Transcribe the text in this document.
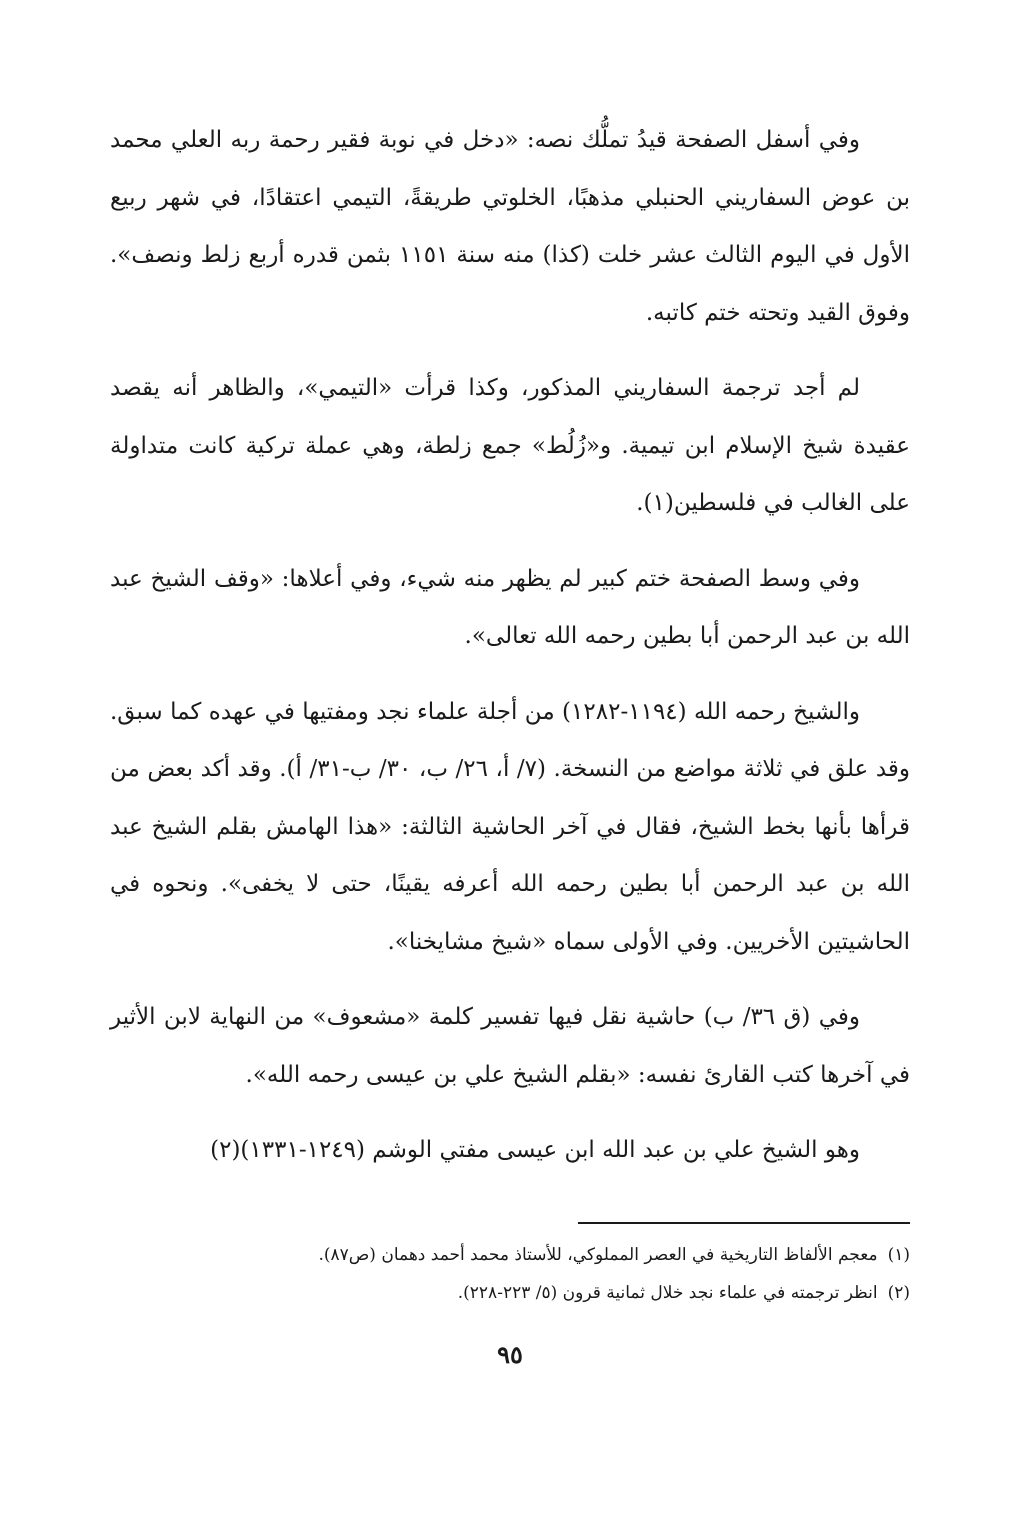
وفي أسفل الصفحة قيدُ تملُّك نصه: «دخل في نوبة فقير رحمة ربه العلي محمد بن عوض السفاريني الحنبلي مذهبًا، الخلوتي طريقةً، التيمي اعتقادًا، في شهر ربيع الأول في اليوم الثالث عشر خلت (كذا) منه سنة ١١٥١ بثمن قدره أربع زلط ونصف». وفوق القيد وتحته ختم كاتبه.

لم أجد ترجمة السفاريني المذكور، وكذا قرأت «التيمي»، والظاهر أنه يقصد عقيدة شيخ الإسلام ابن تيمية. و«زُلُط» جمع زلطة، وهي عملة تركية كانت متداولة على الغالب في فلسطين(١).

وفي وسط الصفحة ختم كبير لم يظهر منه شيء، وفي أعلاها: «وقف الشيخ عبد الله بن عبد الرحمن أبا بطين رحمه الله تعالى».

والشيخ رحمه الله (١١٩٤-١٢٨٢) من أجلة علماء نجد ومفتيها في عهده كما سبق. وقد علق في ثلاثة مواضع من النسخة. (٧/ أ، ٢٦/ ب، ٣٠/ ب-٣١/ أ). وقد أكد بعض من قرأها بأنها بخط الشيخ، فقال في آخر الحاشية الثالثة: «هذا الهامش بقلم الشيخ عبد الله بن عبد الرحمن أبا بطين رحمه الله أعرفه يقينًا، حتى لا يخفى». ونحوه في الحاشيتين الأخريين. وفي الأولى سماه «شيخ مشايخنا».

وفي (ق ٣٦/ ب) حاشية نقل فيها تفسير كلمة «مشعوف» من النهاية لابن الأثير في آخرها كتب القارئ نفسه: «بقلم الشيخ علي بن عيسى رحمه الله».

وهو الشيخ علي بن عبد الله ابن عيسى مفتي الوشم (١٢٤٩-١٣٣١)(٢)

(١)معجم الألفاظ التاريخية في العصر المملوكي، للأستاذ محمد أحمد دهمان (ص٨٧).
(٢)انظر ترجمته في علماء نجد خلال ثمانية قرون (٥/ ٢٢٣-٢٢٨).
٩٥
